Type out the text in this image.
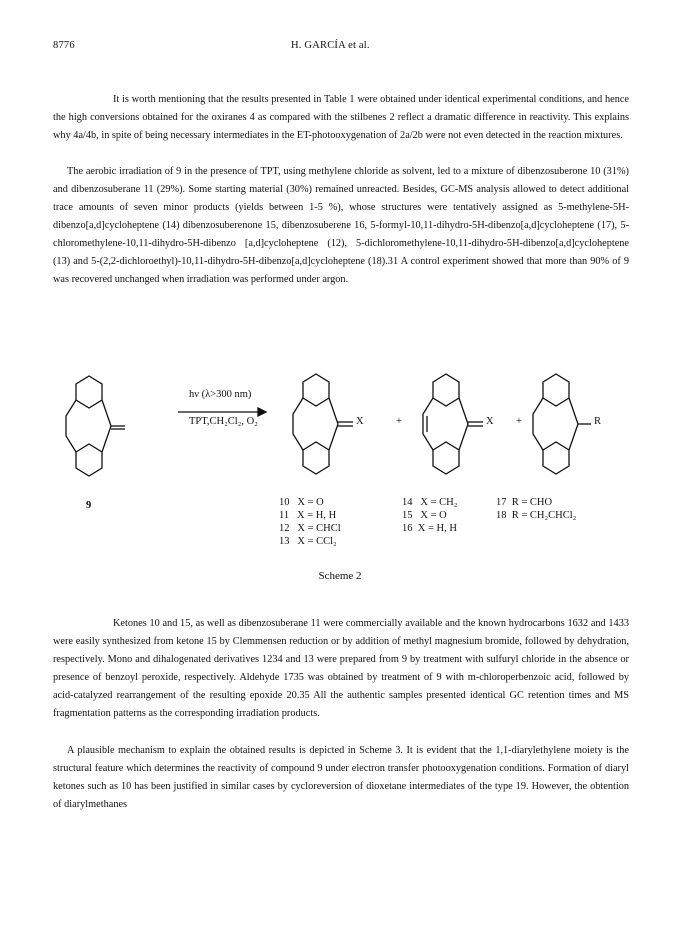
8776	H. GARCÍA et al.

It is worth mentioning that the results presented in Table 1 were obtained under identical experimental conditions, and hence the high conversions obtained for the oxiranes 4 as compared with the stilbenes 2 reflect a dramatic difference in reactivity. This explains why 4a/4b, in spite of being necessary intermediates in the ET-photooxygenation of 2a/2b were not even detected in the reaction mixtures.

The aerobic irradiation of 9 in the presence of TPT, using methylene chloride as solvent, led to a mixture of dibenzosuberone 10 (31%) and dibenzosuberane 11 (29%). Some starting material (30%) remained unreacted. Besides, GC-MS analysis allowed to detect additional trace amounts of seven minor products (yields between 1-5 %), whose structures were tentatively assigned as 5-methylene-5H-dibenzo[a,d]cycloheptene (14) dibenzosuberenone 15, dibenzosuberene 16, 5-formyl-10,11-dihydro-5H-dibenzo[a,d]cycloheptene (17), 5-chloromethylene-10,11-dihydro-5H-dibenzo [a,d]cycloheptene (12), 5-dichloromethylene-10,11-dihydro-5H-dibenzo[a,d]cycloheptene (13) and 5-(2,2-dichloroethyl)-10,11-dihydro-5H-dibenzo[a,d]cycloheptene (18).31 A control experiment showed that more than 90% of 9 was recovered unchanged when irradiation was performed under argon.

hν (λ>300 nm)
TPT,CH₂Cl₂, O₂	X	+	X +	R
9	10   X = O
11   X = H, H
12   X = CHCl
13   X = CCl₂
14   X = CH₂
15   X = O
16  X = H, H
17  R = CHO
18  R = CH₂CHCl₂
Scheme 2

Ketones 10 and 15, as well as dibenzosuberane 11 were commercially available and the known hydrocarbons 1632 and 1433 were easily synthesized from ketone 15 by Clemmensen reduction or by addition of methyl magnesium bromide, followed by dehydration, respectively. Mono and dihalogenated derivatives 1234 and 13 were prepared from 9 by treatment with sulfuryl chloride in the absence or presence of benzoyl peroxide, respectively. Aldehyde 1735 was obtained by treatment of 9 with m-chloroperbenzoic acid, followed by acid-catalyzed rearrangement of the resulting epoxide 20.35 All the authentic samples presented identical GC retention times and MS fragmentation patterns as the corresponding irradiation products.

A plausible mechanism to explain the obtained results is depicted in Scheme 3. It is evident that the 1,1-diarylethylene moiety is the structural feature which determines the reactivity of compound 9 under electron transfer photooxygenation conditions. Formation of diaryl ketones such as 10 has been justified in similar cases by cycloreversion of dioxetane intermediates of the type 19. However, the obtention of diarylmethanes
